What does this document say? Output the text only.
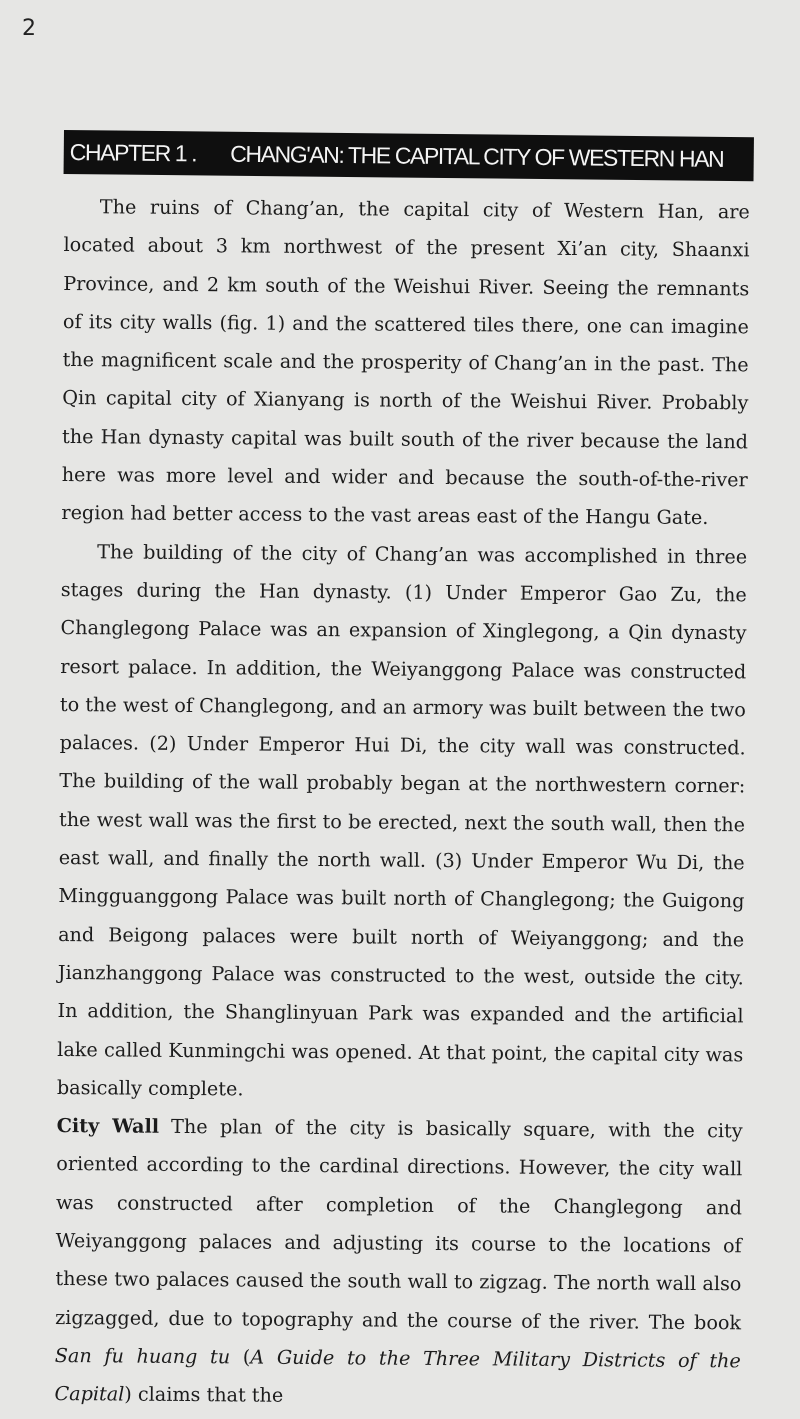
2
CHAPTER 1 . CHANG'AN: THE CAPITAL CITY OF WESTERN HAN

The ruins of Chang’an, the capital city of Western Han, are located about 3 km northwest of the present Xi’an city, Shaanxi Province, and 2 km south of the Weishui River. Seeing the remnants of its city walls (fig. 1) and the scattered tiles there, one can imagine the magnificent scale and the prosperity of Chang’an in the past. The Qin capital city of Xianyang is north of the Weishui River. Probably the Han dynasty capital was built south of the river because the land here was more level and wider and because the south-of-the-river region had better access to the vast areas east of the Hangu Gate.

The building of the city of Chang’an was accomplished in three stages during the Han dynasty. (1) Under Emperor Gao Zu, the Changlegong Palace was an expansion of Xinglegong, a Qin dynasty resort palace. In addition, the Weiyanggong Palace was constructed to the west of Changlegong, and an armory was built between the two palaces. (2) Under Emperor Hui Di, the city wall was constructed. The building of the wall probably began at the northwestern corner: the west wall was the first to be erected, next the south wall, then the east wall, and finally the north wall. (3) Under Emperor Wu Di, the Mingguanggong Palace was built north of Changlegong; the Guigong and Beigong palaces were built north of Weiyanggong; and the Jianzhanggong Palace was constructed to the west, outside the city. In addition, the Shanglinyuan Park was expanded and the artificial lake called Kunmingchi was opened. At that point, the capital city was basically complete.

City Wall The plan of the city is basically square, with the city oriented according to the cardinal directions. However, the city wall was constructed after completion of the Changlegong and Weiyanggong palaces and adjusting its course to the locations of these two palaces caused the south wall to zigzag. The north wall also zigzagged, due to topography and the course of the river. The book San fu huang tu (A Guide to the Three Military Districts of the Capital) claims that the
